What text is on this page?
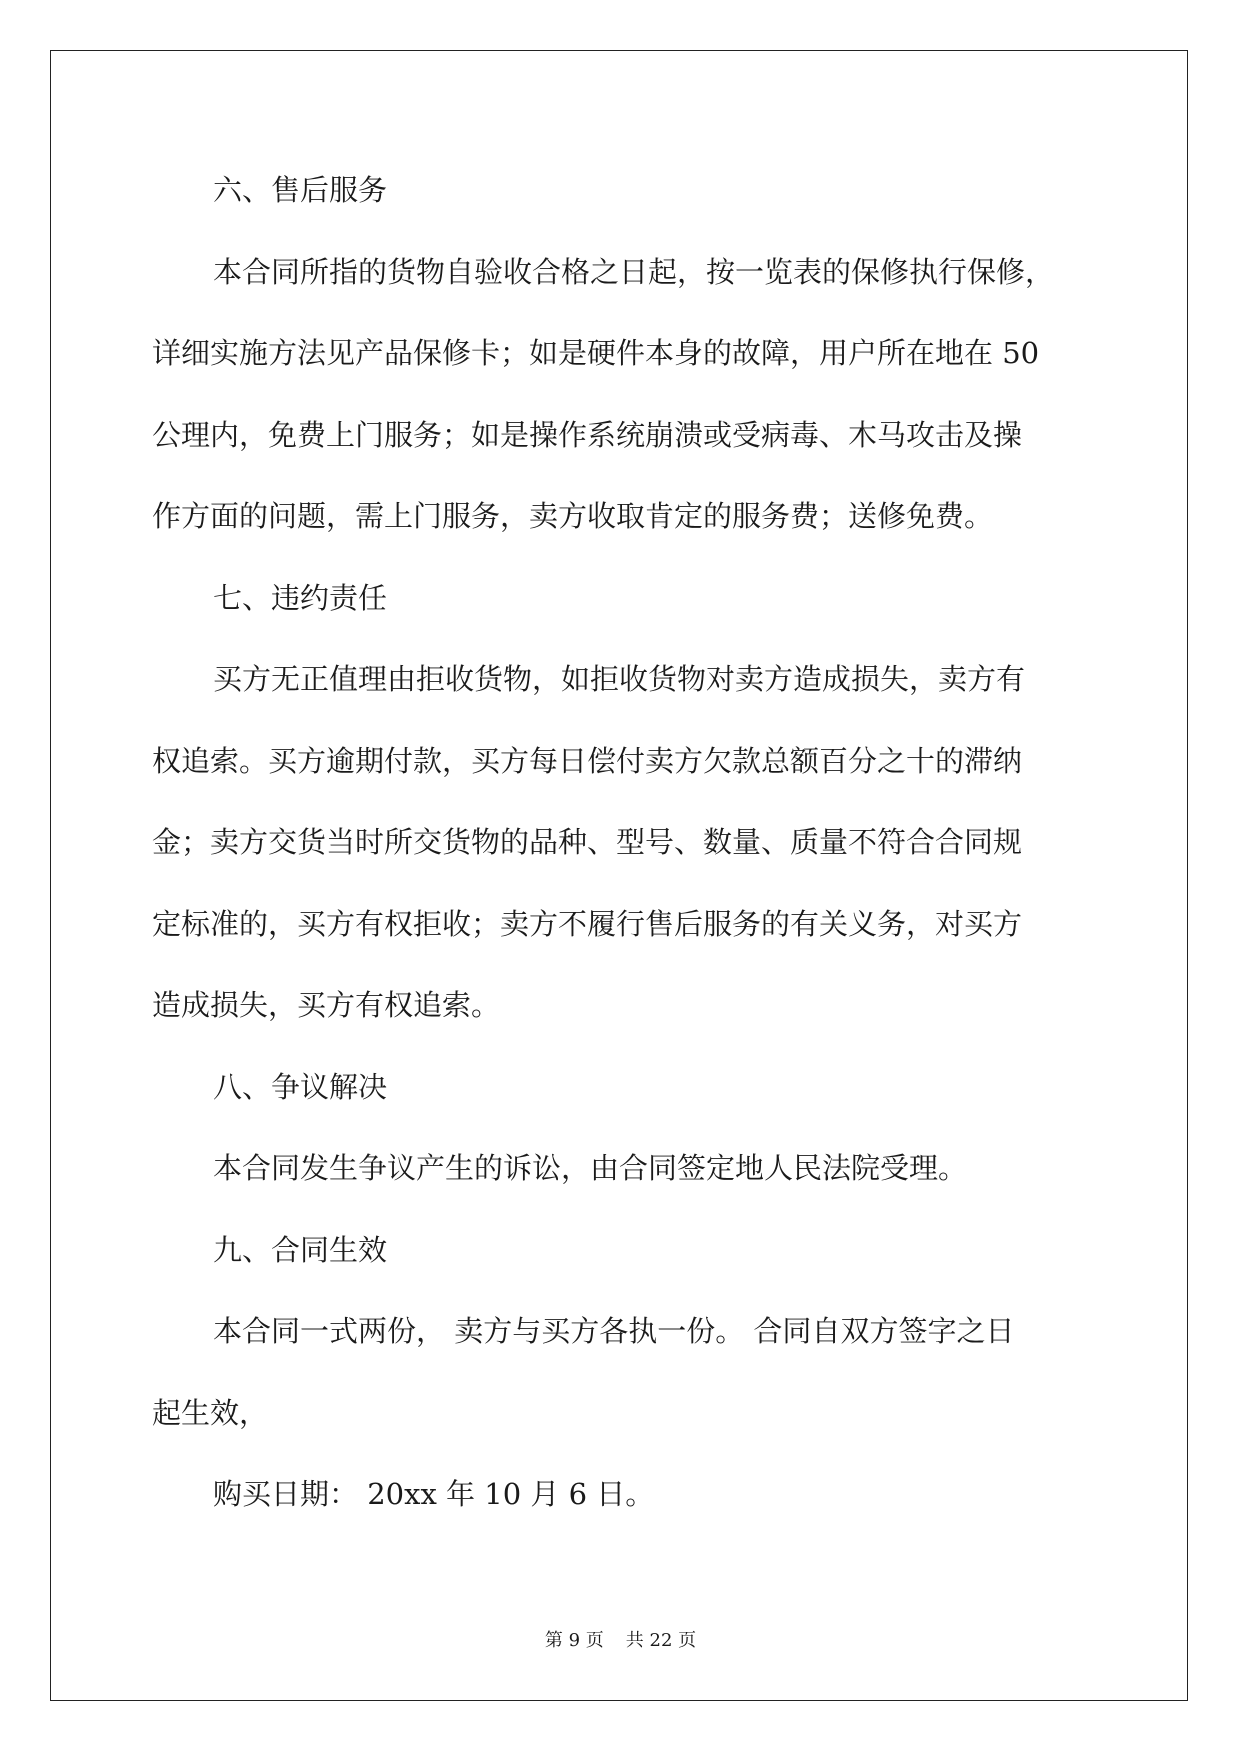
六、售后服务
本合同所指的货物自验收合格之日起，按一览表的保修执行保修，
详细实施方法见产品保修卡；如是硬件本身的故障，用户所在地在 50
公理内，免费上门服务；如是操作系统崩溃或受病毒、木马攻击及操
作方面的问题，需上门服务，卖方收取肯定的服务费；送修免费。
七、违约责任
买方无正值理由拒收货物，如拒收货物对卖方造成损失，卖方有
权追索。买方逾期付款，买方每日偿付卖方欠款总额百分之十的滞纳
金；卖方交货当时所交货物的品种、型号、数量、质量不符合合同规
定标准的，买方有权拒收；卖方不履行售后服务的有关义务，对买方
造成损失，买方有权追索。
八、争议解决
本合同发生争议产生的诉讼，由合同签定地人民法院受理。
九、合同生效
本合同一式两份， 卖方与买方各执一份。 合同自双方签字之日
起生效，
购买日期： 20xx 年 10 月 6 日。
第 9 页 共 22 页
